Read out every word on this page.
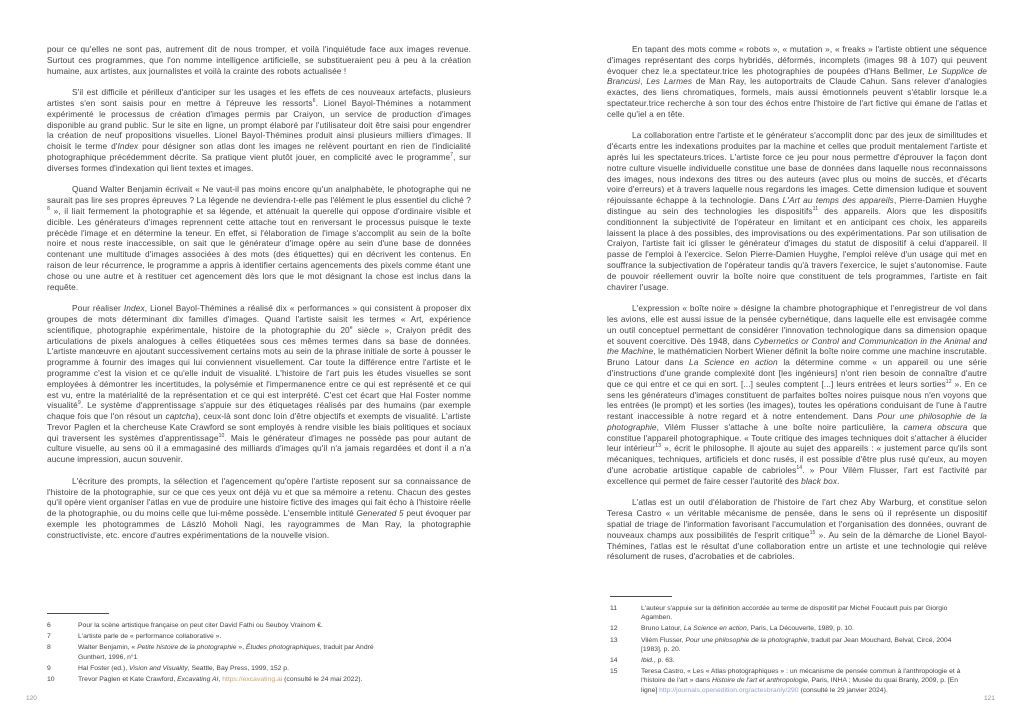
pour ce qu'elles ne sont pas, autrement dit de nous tromper, et voilà l'inquiétude face aux images revenue. Surtout ces programmes, que l'on nomme intelligence artificielle, se substitueraient peu à peu à la création humaine, aux artistes, aux journalistes et voilà la crainte des robots actualisée !

S'il est difficile et périlleux d'anticiper sur les usages et les effets de ces nouveaux artefacts, plusieurs artistes s'en sont saisis pour en mettre à l'épreuve les ressorts$^6$. Lionel Bayol-Thémines a notamment expérimenté le processus de création d'images permis par Craiyon, un service de production d'images disponible au grand public. Sur le site en ligne, un prompt élaboré par l'utilisateur doit être saisi pour engendrer la création de neuf propositions visuelles. Lionel Bayol-Thémines produit ainsi plusieurs milliers d'images. Il choisit le terme d'Index pour désigner son atlas dont les images ne relèvent pourtant en rien de l'indicialité photographique précédemment décrite. Sa pratique vient plutôt jouer, en complicité avec le programme$^7$, sur diverses formes d'indexation qui lient textes et images.

Quand Walter Benjamin écrivait « Ne vaut-il pas moins encore qu'un analphabète, le photographe qui ne saurait pas lire ses propres épreuves ? La légende ne deviendra-t-elle pas l'élément le plus essentiel du cliché ?$^8$ », il liait fermement la photographie et sa légende, et atténuait la querelle qui oppose d'ordinaire visible et dicible. Les générateurs d'images reprennent cette attache tout en renversant le processus puisque le texte précède l'image et en détermine la teneur. En effet, si l'élaboration de l'image s'accomplit au sein de la boîte noire et nous reste inaccessible, on sait que le générateur d'image opère au sein d'une base de données contenant une multitude d'images associées à des mots (des étiquettes) qui en décrivent les contenus. En raison de leur récurrence, le programme a appris à identifier certains agencements des pixels comme étant une chose ou une autre et à restituer cet agencement dès lors que le mot désignant la chose est inclus dans la requête.

Pour réaliser Index, Lionel Bayol-Thémines a réalisé dix « performances » qui consistent à proposer dix groupes de mots déterminant dix familles d'images. Quand l'artiste saisit les termes « Art, expérience scientifique, photographie expérimentale, histoire de la photographie du 20e siècle », Craiyon prédit des articulations de pixels analogues à celles étiquetées sous ces mêmes termes dans sa base de données. L'artiste manœuvre en ajoutant successivement certains mots au sein de la phrase initiale de sorte à pousser le programme à fournir des images qui lui conviennent visuellement. Car toute la différence entre l'artiste et le programme c'est la vision et ce qu'elle induit de visualité. L'histoire de l'art puis les études visuelles se sont employées à démontrer les incertitudes, la polysémie et l'impermanence entre ce qui est représenté et ce qui est vu, entre la matérialité de la représentation et ce qui est interprété. C'est cet écart que Hal Foster nomme visualité$^9$. Le système d'apprentissage s'appuie sur des étiquetages réalisés par des humains (par exemple chaque fois que l'on résout un captcha), ceux-là sont donc loin d'être objectifs et exempts de visualité. L'artiste Trevor Paglen et la chercheuse Kate Crawford se sont employés à rendre visible les biais politiques et sociaux qui traversent les systèmes d'apprentissage$^{10}$. Mais le générateur d'images ne possède pas pour autant de culture visuelle, au sens où il a emmagasiné des milliards d'images qu'il n'a jamais regardées et dont il a n'a aucune impression, aucun souvenir.

L'écriture des prompts, la sélection et l'agencement qu'opère l'artiste reposent sur sa connaissance de l'histoire de la photographie, sur ce que ces yeux ont déjà vu et que sa mémoire a retenu. Chacun des gestes qu'il opère vient organiser l'atlas en vue de produire une histoire fictive des images qui fait écho à l'histoire réelle de la photographie, ou du moins celle que lui-même possède. L'ensemble intitulé Generated 5 peut évoquer par exemple les photogrammes de László Moholi Nagi, les rayogrammes de Man Ray, la photographie constructiviste, etc. encore d'autres expérimentations de la nouvelle vision.

6	Pour la scène artistique française on peut citer David Fathi ou Seuboy Vrainom €.
7	L'artiste parle de « performance collaborative ».
8	Walter Benjamin, « Petite histoire de la photographie », Études photographiques, traduit par André Gunthert, 1996, n°1
9	Hal Foster (ed.), Vision and Visuality, Seattle, Bay Press, 1999, 152 p.
10	Trevor Paglen et Kate Crawford, Excavating AI, https://excavating.ai (consulté le 24 mai 2022).
120

En tapant des mots comme « robots », « mutation », « freaks » l'artiste obtient une séquence d'images représentant des corps hybridés, déformés, incomplets (images 98 à 107) qui peuvent évoquer chez le.a spectateur.trice les photographies de poupées d'Hans Bellmer, Le Supplice de Brancusi, Les Larmes de Man Ray, les autoportraits de Claude Cahun. Sans relever d'analogies exactes, des liens chromatiques, formels, mais aussi émotionnels peuvent s'établir lorsque le.a spectateur.trice recherche à son tour des échos entre l'histoire de l'art fictive qui émane de l'atlas et celle qu'iel a en tête.

La collaboration entre l'artiste et le générateur s'accomplit donc par des jeux de similitudes et d'écarts entre les indexations produites par la machine et celles que produit mentalement l'artiste et après lui les spectateurs.trices. L'artiste force ce jeu pour nous permettre d'éprouver la façon dont notre culture visuelle individuelle constitue une base de données dans laquelle nous reconnaissons des images, nous indexons des titres ou des auteurs (avec plus ou moins de succès, et d'écarts voire d'erreurs) et à travers laquelle nous regardons les images. Cette dimension ludique et souvent réjouissante échappe à la technologie. Dans L'Art au temps des appareils, Pierre-Damien Huyghe distingue au sein des technologies les dispositifs$^{11}$ des appareils. Alors que les dispositifs conditionnent la subjectivité de l'opérateur en limitant et en anticipant ces choix, les appareils laissent la place à des possibles, des improvisations ou des expérimentations. Par son utilisation de Craiyon, l'artiste fait ici glisser le générateur d'images du statut de dispositif à celui d'appareil. Il passe de l'emploi à l'exercice. Selon Pierre-Damien Huyghe, l'emploi relève d'un usage qui met en souffrance la subjectivation de l'opérateur tandis qu'à travers l'exercice, le sujet s'autonomise. Faute de pouvoir réellement ouvrir la boîte noire que constituent de tels programmes, l'artiste en fait chavirer l'usage.

L'expression « boîte noire » désigne la chambre photographique et l'enregistreur de vol dans les avions, elle est aussi issue de la pensée cybernétique, dans laquelle elle est envisagée comme un outil conceptuel permettant de considérer l'innovation technologique dans sa dimension opaque et souvent coercitive. Dès 1948, dans Cybernetics or Control and Communication in the Animal and the Machine, le mathématicien Norbert Wiener définit la boîte noire comme une machine inscrutable. Bruno Latour dans La Science en action la détermine comme « un appareil ou une série d'instructions d'une grande complexité dont [les ingénieurs] n'ont rien besoin de connaître d'autre que ce qui entre et ce qui en sort. [...] seules comptent [...] leurs entrées et leurs sorties$^{12}$ ». En ce sens les générateurs d'images constituent de parfaites boîtes noires puisque nous n'en voyons que les entrées (le prompt) et les sorties (les images), toutes les opérations conduisant de l'une à l'autre restant inaccessible à notre regard et à notre entendement. Dans Pour une philosophie de la photographie, Vilém Flusser s'attache à une boîte noire particulière, la camera obscura que constitue l'appareil photographique. « Toute critique des images techniques doit s'attacher à élucider leur intérieur$^{13}$ », écrit le philosophe. Il ajoute au sujet des appareils : « justement parce qu'ils sont mécaniques, techniques, artificiels et donc rusés, il est possible d'être plus rusé qu'eux, au moyen d'une acrobatie artistique capable de cabrioles$^{14}$. » Pour Vilèm Flusser, l'art est l'activité par excellence qui permet de faire cesser l'autorité des black box.

L'atlas est un outil d'élaboration de l'histoire de l'art chez Aby Warburg, et constitue selon Teresa Castro « un véritable mécanisme de pensée, dans le sens où il représente un dispositif spatial de triage de l'information favorisant l'accumulation et l'organisation des données, ouvrant de nouveaux champs aux possibilités de l'esprit critique$^{15}$ ». Au sein de la démarche de Lionel Bayol-Thémines, l'atlas est le résultat d'une collaboration entre un artiste et une technologie qui relève résolument de ruses, d'acrobaties et de cabrioles.

11	L'auteur s'appuie sur la définition accordée au terme de dispositif par Michel Foucault puis par Giorgio Agamben.
12	Bruno Latour, La Science en action, Paris, La Découverte, 1989, p. 10.
13	Vilém Flusser, Pour une philosophie de la photographie, traduit par Jean Mouchard, Belval, Circé, 2004 [1983], p. 20.
14	Ibid., p. 63.
15	Teresa Castro, « Les « Atlas photographiques » : un mécanisme de pensée commun à l'anthropologie et à l'histoire de l'art » dans Histoire de l'art et anthropologie, Paris, INHA ; Musée du quai Branly, 2009, p. [En ligne] http://journals.openedition.org/actesbranly/290 (consulté le 29 janvier 2024).
121
